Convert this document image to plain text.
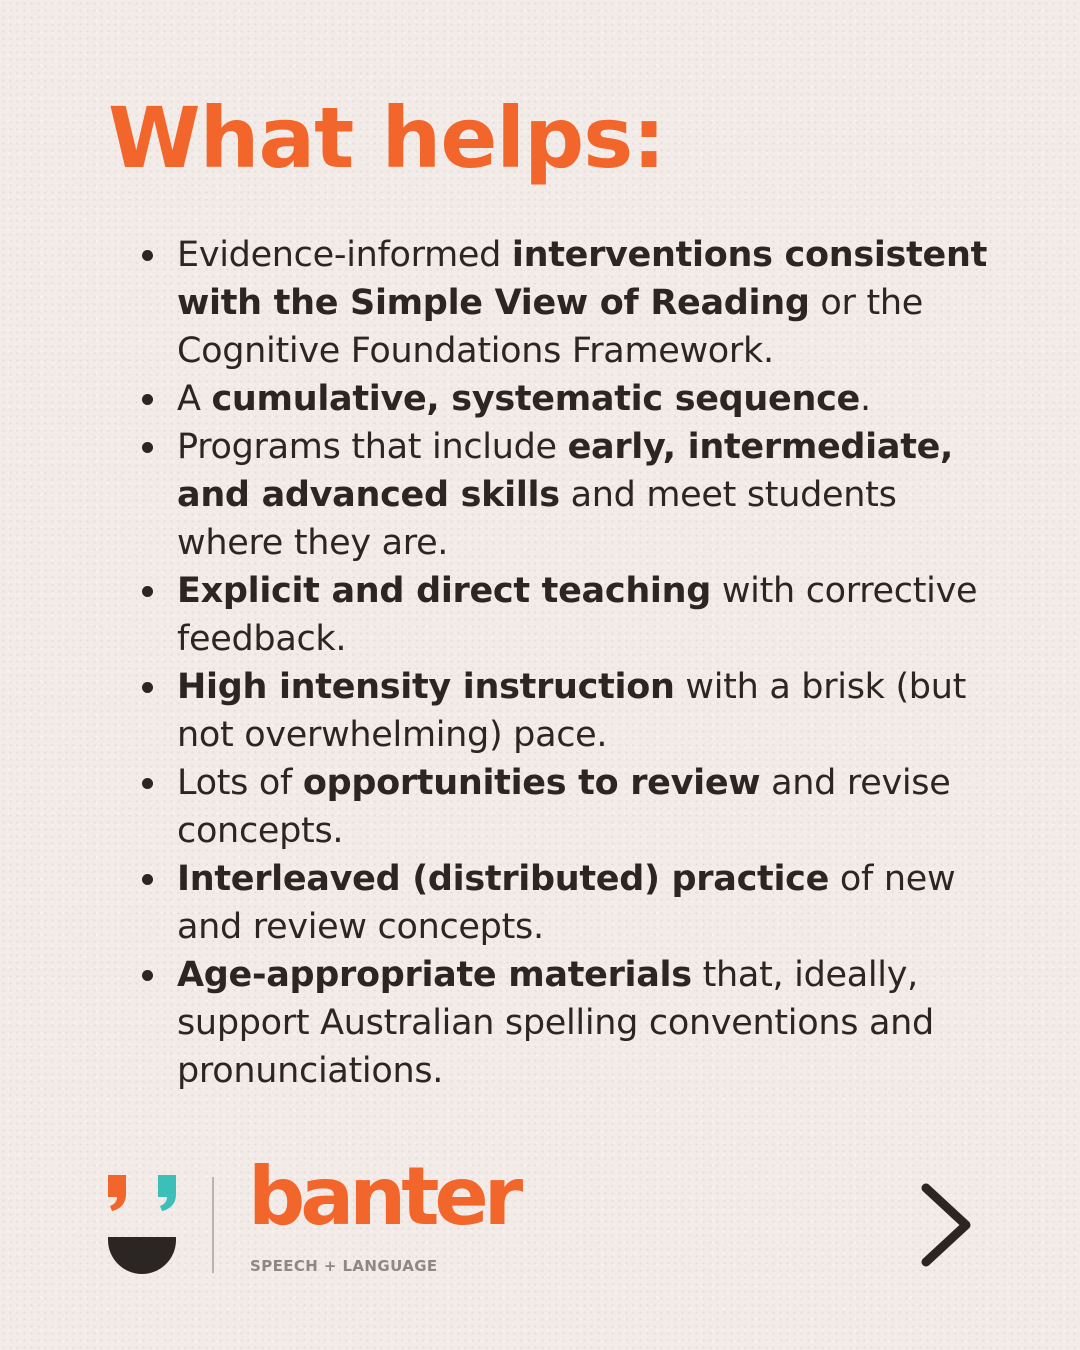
What helps:
Evidence-informed interventions consistent with the Simple View of Reading or the Cognitive Foundations Framework.
A cumulative, systematic sequence.
Programs that include early, intermediate, and advanced skills and meet students where they are.
Explicit and direct teaching with corrective feedback.
High intensity instruction with a brisk (but not overwhelming) pace.
Lots of opportunities to review and revise concepts.
Interleaved (distributed) practice of new and review concepts.
Age-appropriate materials that, ideally, support Australian spelling conventions and pronunciations.
banter
SPEECH + LANGUAGE
